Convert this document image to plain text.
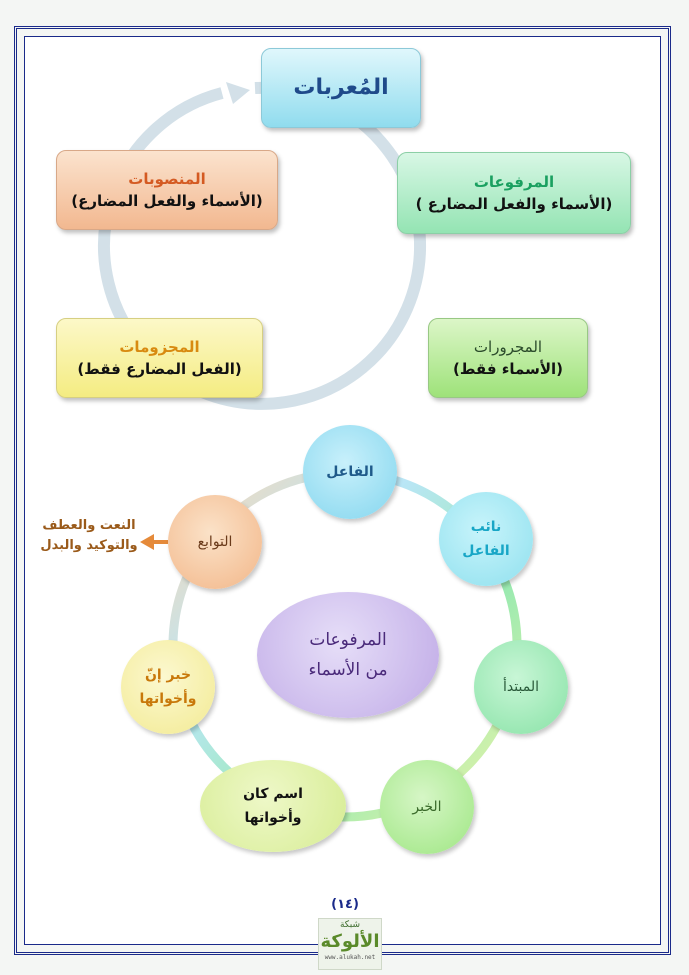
المُعربات
المرفوعات
(الأسماء والفعل المضارع )
المنصوبات
(الأسماء والفعل المضارع)
المجزومات
(الفعل المضارع فقط)
المجرورات
(الأسماء فقط)
المرفوعات
من الأسماء
الفاعل
نائب
الفاعل
المبتدأ
الخبر
اسم كان
وأخواتها
خبر إنّ
وأخواتها
التوابع
النعت والعطف
والتوكيد والبدل
(١٤)
شبكة
الألوكة
www.alukah.net
